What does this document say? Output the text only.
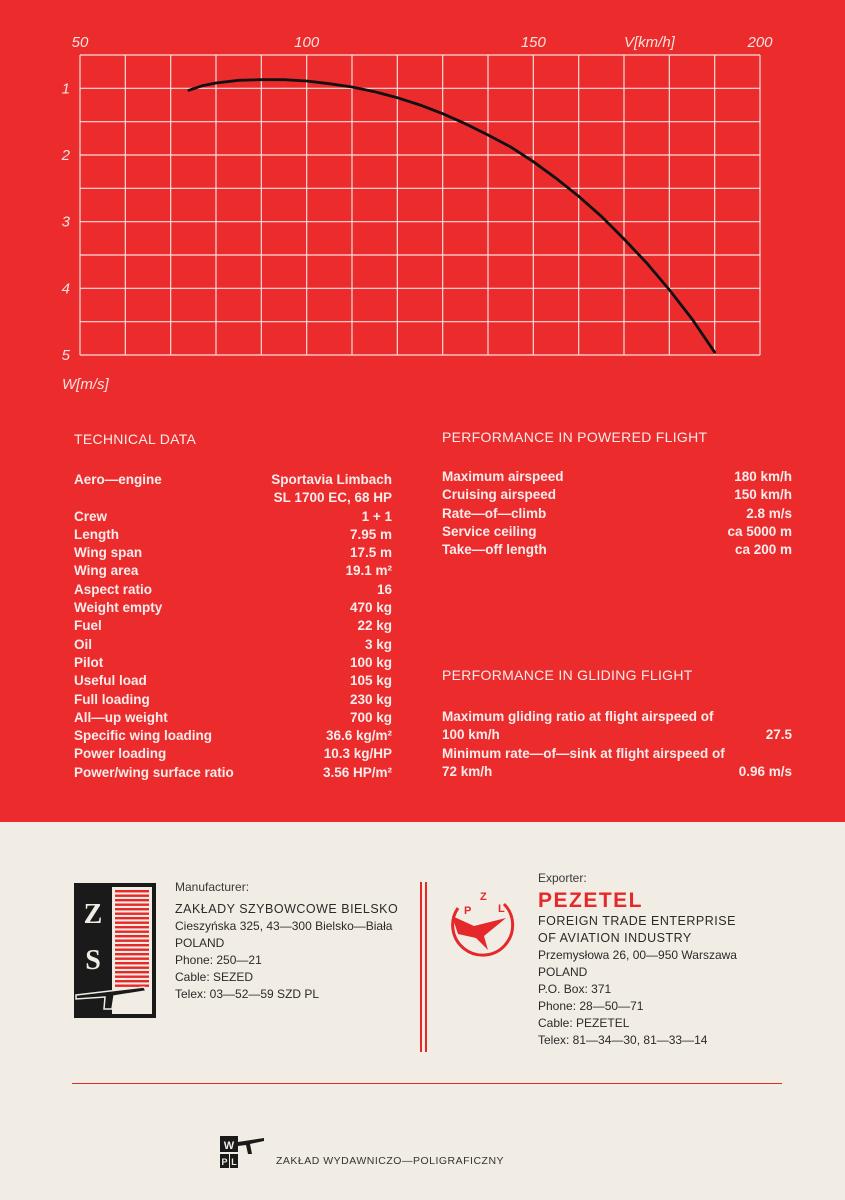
50	100	150	200
1
2
3
4
5
V[km/h]
W[m/s]
TECHNICAL DATA
Aero—engine	Sportavia Limbach
SL 1700 EC, 68 HP
Crew	1 + 1
Length	7.95 m
Wing span	17.5 m
Wing area	19.1 m²
Aspect ratio	16
Weight empty	470 kg
Fuel	22 kg
Oil	3 kg
Pilot	100 kg
Useful load	105 kg
Full loading	230 kg
All—up weight	700 kg
Specific wing loading	36.6 kg/m²
Power loading	10.3 kg/HP
Power/wing surface ratio	3.56 HP/m²
PERFORMANCE IN POWERED FLIGHT
Maximum airspeed	180 km/h
Cruising airspeed	150 km/h
Rate—of—climb	2.8 m/s
Service ceiling	ca 5000 m
Take—off length	ca 200 m
PERFORMANCE IN GLIDING FLIGHT
Maximum gliding ratio at flight airspeed of 100 km/h	27.5
Minimum rate—of—sink at flight airspeed of 72 km/h	0.96 m/s
Z
S
Manufacturer:
ZAKŁADY SZYBOWCOWE BIELSKO
Cieszyńska 325, 43—300 Bielsko—Biała
POLAND
Phone: 250—21
Cable: SEZED
Telex: 03—52—59 SZD PL
P
Z
L
Exporter:
PEZETEL
FOREIGN TRADE ENTERPRISE
OF AVIATION INDUSTRY
Przemysłowa 26, 00—950 Warszawa
POLAND
P.O. Box: 371
Phone: 28—50—71
Cable: PEZETEL
Telex: 81—34—30, 81—33—14
W
P L	ZAKŁAD WYDAWNICZO—POLIGRAFICZNY
